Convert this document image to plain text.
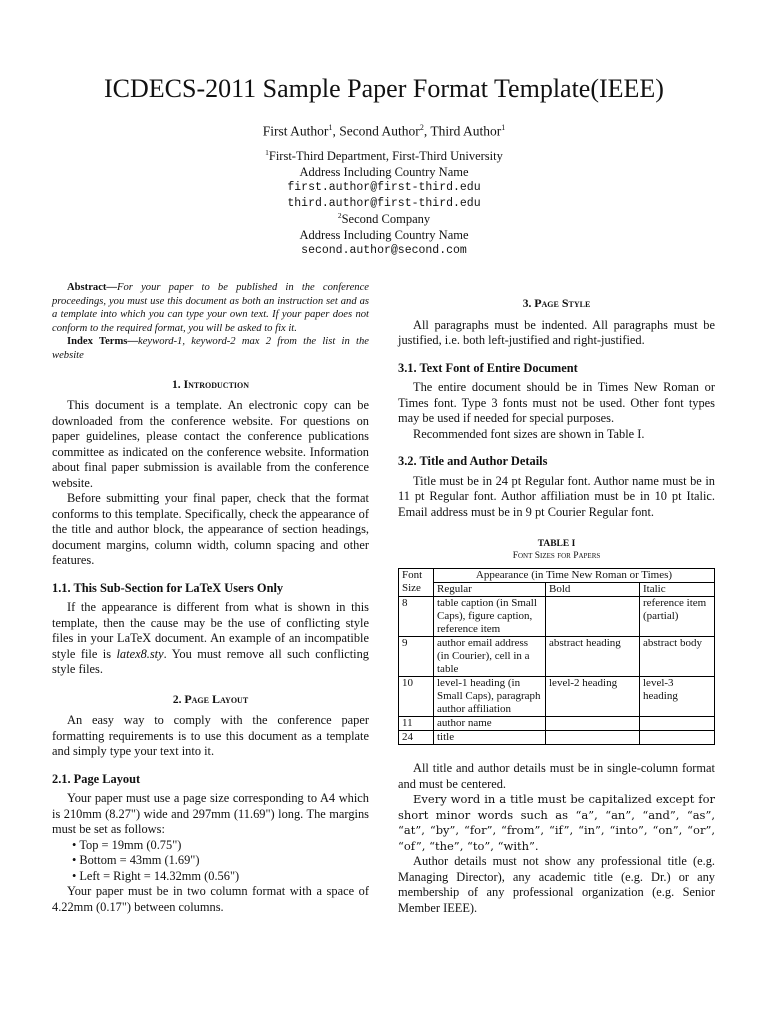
ICDECS-2011 Sample Paper Format Template(IEEE)
First Author$^1$, Second Author$^2$, Third Author$^1$
$^1$First-Third Department, First-Third University
Address Including Country Name
first.author@first-third.edu
third.author@first-third.edu
$^2$Second Company
Address Including Country Name
second.author@second.com

Abstract—For your paper to be published in the conference proceedings, you must use this document as both an instruction set and as a template into which you can type your own text. If your paper does not conform to the required format, you will be asked to fix it.

Index Terms—keyword-1, keyword-2 max 2 from the list in the website

1. Introduction

This document is a template. An electronic copy can be downloaded from the conference website. For questions on paper guidelines, please contact the conference publications committee as indicated on the conference website. Information about final paper submission is available from the conference website.

Before submitting your final paper, check that the format conforms to this template. Specifically, check the appearance of the title and author block, the appearance of section headings, document margins, column width, column spacing and other features.

1.1. This Sub-Section for LaTeX Users Only

If the appearance is different from what is shown in this template, then the cause may be the use of conflicting style files in your LaTeX document. An example of an incompatible style file is latex8.sty. You must remove all such conflicting style files.

2. Page Layout

An easy way to comply with the conference paper formatting requirements is to use this document as a template and simply type your text into it.

2.1. Page Layout

Your paper must use a page size corresponding to A4 which is 210mm (8.27") wide and 297mm (11.69") long. The margins must be set as follows:

• Top = 19mm (0.75")
• Bottom = 43mm (1.69")
• Left = Right = 14.32mm (0.56")

Your paper must be in two column format with a space of 4.22mm (0.17") between columns.

3. Page Style

All paragraphs must be indented. All paragraphs must be justified, i.e. both left-justified and right-justified.

3.1. Text Font of Entire Document

The entire document should be in Times New Roman or Times font. Type 3 fonts must not be used. Other font types may be used if needed for special purposes.

Recommended font sizes are shown in Table I.

3.2. Title and Author Details

Title must be in 24 pt Regular font. Author name must be in 11 pt Regular font. Author affiliation must be in 10 pt Italic. Email address must be in 9 pt Courier Regular font.

TABLE I
Font Sizes for Papers
Font
Size	Appearance (in Time New Roman or Times)		
	Regular	Bold	Italic
8	table caption (in Small Caps), figure caption, reference item		reference item (partial)
9	author email address (in Courier), cell in a table	abstract heading	abstract body
10	level-1 heading (in Small Caps), paragraph author affiliation	level-2 heading	level-3 heading
11	author name		
24	title		

All title and author details must be in single-column format and must be centered.

Every word in a title must be capitalized except for short minor words such as “a”, “an”, “and”, “as”, “at”, “by”, “for”, “from”, “if”, “in”, “into”, “on”, “or”, “of”, “the”, “to”, “with”.

Author details must not show any professional title (e.g. Managing Director), any academic title (e.g. Dr.) or any membership of any professional organization (e.g. Senior Member IEEE).
